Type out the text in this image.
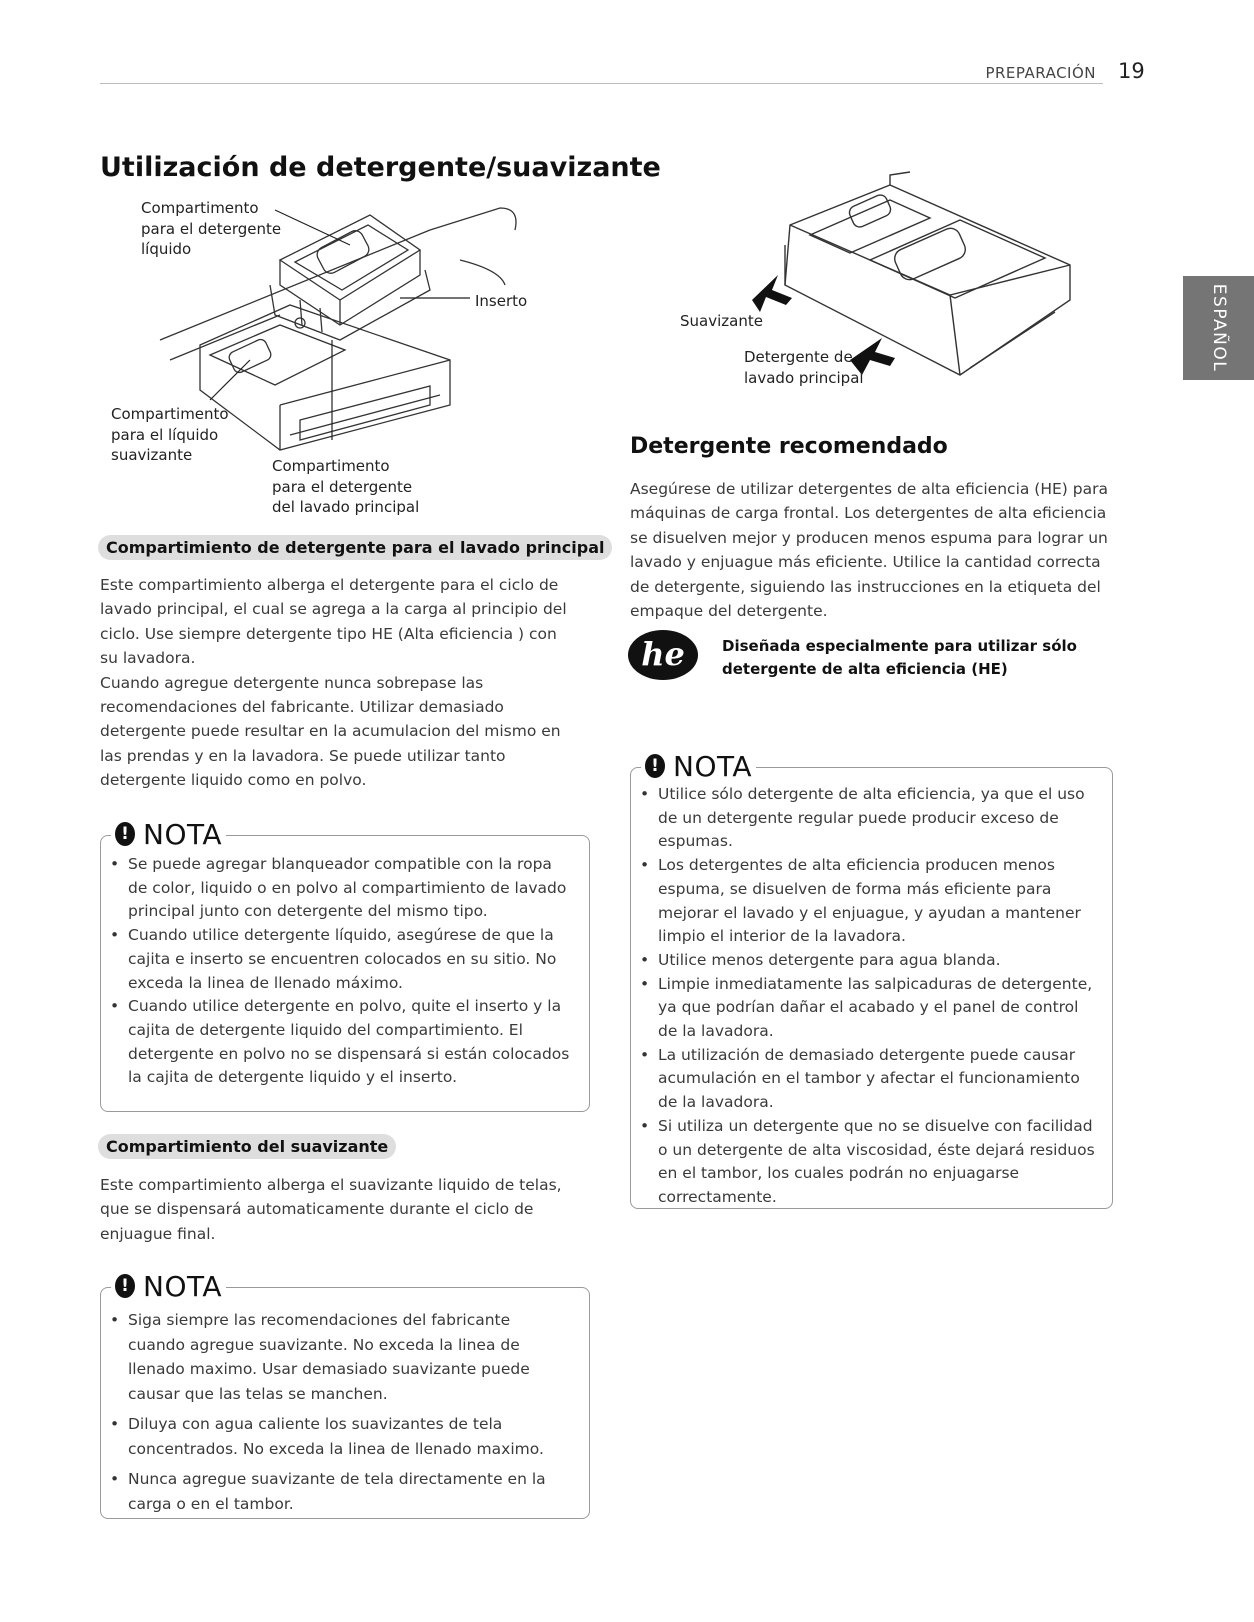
PREPARACIÓN 19
ESPAÑOL
Utilización de detergente/suavizante
Compartimento
para el detergente
líquido
Inserto
Compartimento
para el líquido
suavizante
Compartimento
para el detergente
del lavado principal
Compartimiento de detergente para el lavado principal

Este compartimiento alberga el detergente para el ciclo de lavado principal, el cual se agrega a la carga al principio del ciclo. Use siempre detergente tipo HE (Alta eficiencia ) con su lavadora.

Cuando agregue detergente nunca sobrepase las recomendaciones del fabricante. Utilizar demasiado detergente puede resultar en la acumulacion del mismo en las prendas y en la lavadora. Se puede utilizar tanto detergente liquido como en polvo.

! NOTA
• Se puede agregar blanqueador compatible con la ropa de color, liquido o en polvo al compartimiento de lavado principal junto con detergente del mismo tipo.
• Cuando utilice detergente líquido, asegúrese de que la cajita e inserto se encuentren colocados en su sitio. No exceda la linea de llenado máximo.
• Cuando utilice detergente en polvo, quite el inserto y la cajita de detergente liquido del compartimiento. El detergente en polvo no se dispensará si están colocados la cajita de detergente liquido y el inserto.
Compartimiento del suavizante

Este compartimiento alberga el suavizante liquido de telas, que se dispensará automaticamente durante el ciclo de enjuague final.

! NOTA
• Siga siempre las recomendaciones del fabricante cuando agregue suavizante. No exceda la linea de llenado maximo. Usar demasiado suavizante puede causar que las telas se manchen.
• Diluya con agua caliente los suavizantes de tela concentrados. No exceda la linea de llenado maximo.
• Nunca agregue suavizante de tela directamente en la carga o en el tambor.
Suavizante
Detergente de
lavado principal
Detergente recomendado

Asegúrese de utilizar detergentes de alta eficiencia (HE) para máquinas de carga frontal. Los detergentes de alta eficiencia se disuelven mejor y producen menos espuma para lograr un lavado y enjuague más eficiente. Utilice la cantidad correcta de detergente, siguiendo las instrucciones en la etiqueta del empaque del detergente.

he	Diseñada especialmente para utilizar sólo
detergente de alta eficiencia (HE)
! NOTA
• Utilice sólo detergente de alta eficiencia, ya que el uso de un detergente regular puede producir exceso de espumas.
• Los detergentes de alta eficiencia producen menos espuma, se disuelven de forma más eficiente para mejorar el lavado y el enjuague, y ayudan a mantener limpio el interior de la lavadora.
• Utilice menos detergente para agua blanda.
• Limpie inmediatamente las salpicaduras de detergente, ya que podrían dañar el acabado y el panel de control de la lavadora.
• La utilización de demasiado detergente puede causar acumulación en el tambor y afectar el funcionamiento de la lavadora.
• Si utiliza un detergente que no se disuelve con facilidad o un detergente de alta viscosidad, éste dejará residuos en el tambor, los cuales podrán no enjuagarse correctamente.
